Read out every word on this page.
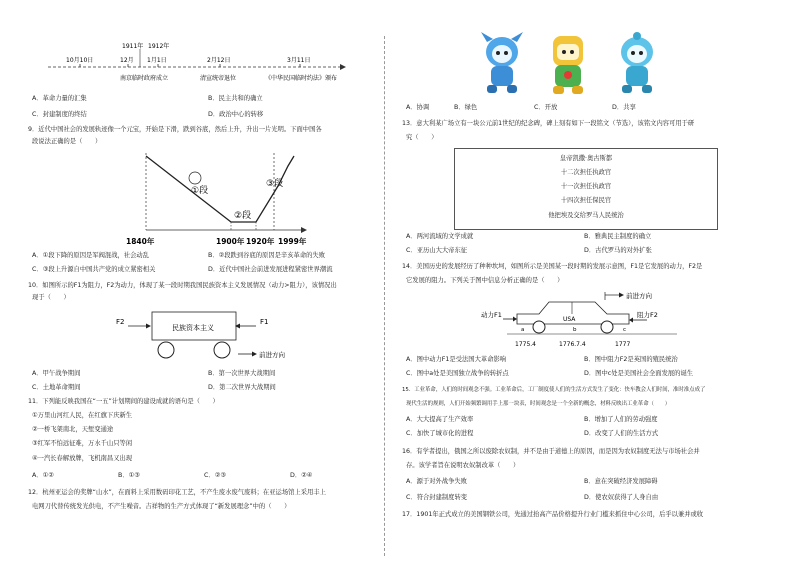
1911年 1912年
10月10日	12月 1月1日	2月12日	3月11日
南京临时政府成立	清宣统帝退位	《中华民国临时约法》颁布
A．革命力量的汇集	B．民主共和的确立
C．封建制度的终结	D．政治中心的转移
9．近代中国社会的发展轨迹像一个元宝，开始是下滑，跌到谷底，然后上升，升出一片光明。下面中国各
段说法正确的是（　　）
①段
②段
③段
1840年	1900年 1920年 1999年
A．①段下降的原因是军阀混战，社会动乱	B．②段跌到谷底的原因是辛亥革命的失败
C．③段上升源自中国共产党的成立紧密相关	D．近代中国社会前进发展进程紧密世界潮流
10．如图所示的F1为阻力，F2为动力，体现了某一段时期我国民族资本主义发展情况（动力>阻力），该情况出
现于（　　）
F2
民族资本主义
F1
前进方向
A．甲午战争期间	B．第一次世界大战期间
C．土地革命期间	D．第二次世界大战期间
11．下列能反映我国在“一五”计划期间的建设成就的语句是（　　）
①万里山河红人民，在红旗下庆新生
②一桥飞架南北，天堑变通途
③红军不怕远征难，万水千山只等闲
④一汽长春解放牌，飞机南昌又出现
A．①②	B．①③	C．②③	D．②④
12．杭州亚运会的奖牌“山水”，在面料上采用数码印花工艺，不产生废水废气废料；在亚运场馆上采用丰上
电网刀代替传统发光供电，不产生噪音。吉祥物的生产方式体现了“新发展理念”中的（　　）
A．协调	B．绿色	C．开放	D．共享
13．意大利某广场立有一块公元前1世纪的纪念碑，碑上刻有如下一段铭文（节选），该铭文内容可用于研
究（　　）
皇帝凯撒·奥古斯都
十二次担任执政官
十一次担任执政官
十四次担任保民官
他把埃及交给罗马人民统治
A．两河流域的文学成就	B．雅典民主制度的确立
C．亚历山大大帝东征	D．古代罗马的对外扩张
14．美国历史的发展经历了种种坎坷，如图所示是美国某一段时期的发展示意图，F1是它发展的动力，F2是
它发展的阻力。下列关于图中信息分析正确的是（　　）
前进方向
USA
动力F1	阻力F2
a	b	c
1775.4	1776.7.4	1777
A．图中动力F1是受法国大革命影响	B．图中阻力F2是英国的殖民统治
C．图中a处是美国独立战争的转折点	D．图中c处是美国社会全面发展的诞生
15．工业革命，人们的时间观念不强。工业革命后，工厂制度使人们的生活方式发生了变化：快车教会人们时间，准时准点成了
现代生活的规则，人们开始频繁调用手上那一块表，时间观念是一个全新的概念，材料反映出工业革命（　　）
A．大大提高了生产效率	B．增加了人们的劳动强度
C．加快了城市化的进程	D．改变了人们的生活方式
16．有学者提出，俄国之所以废除农奴制，并不是由于道德上的原因，而是因为农奴制度无法与市场社会并
存。该学者旨在说明农奴制改革（　　）
A．源于对外战争失败	B．意在突破经济发展障碍
C．符合封建制度转变	D．使农奴获得了人身自由
17．1901年正式成立的美国钢铁公司，先通过抬高产品价格提升行业门槛来抓住中心公司，后乎以兼并或收
